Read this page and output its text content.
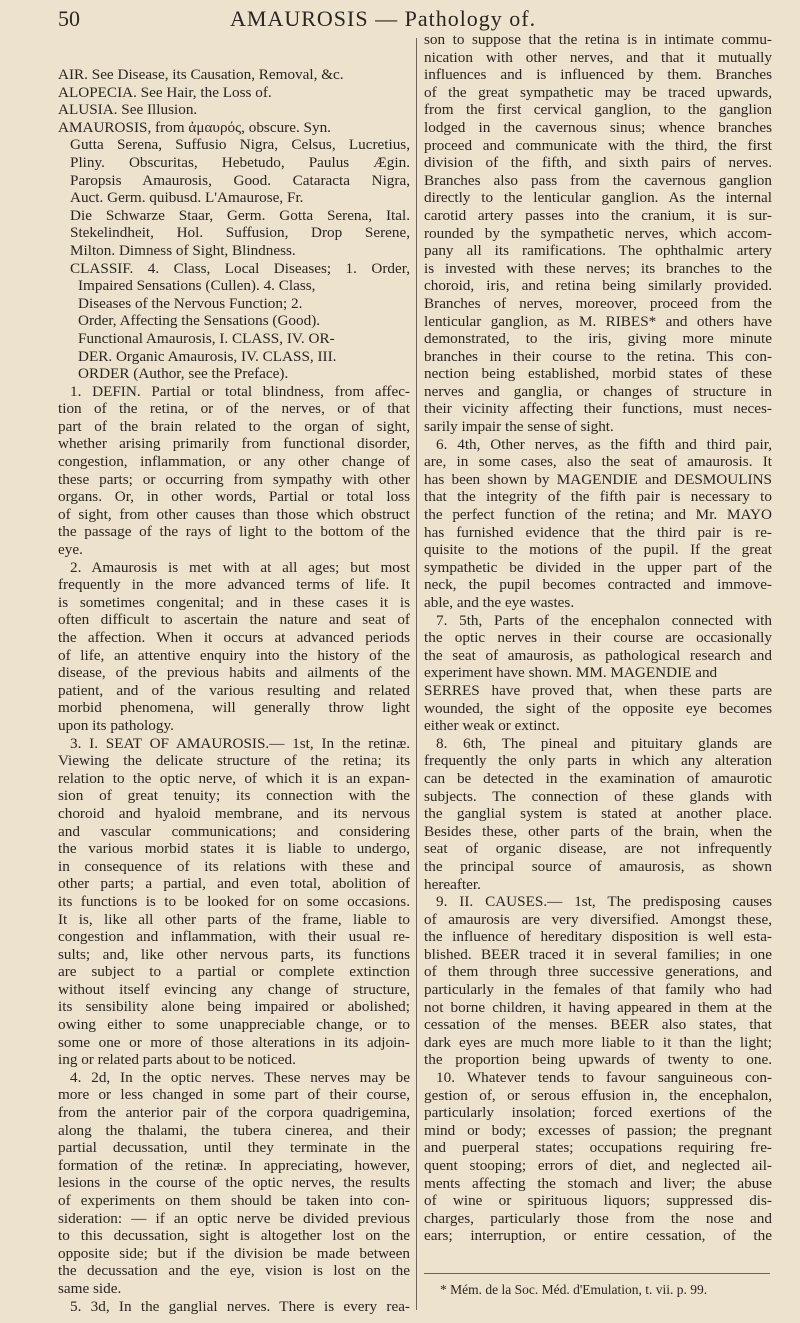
50	AMAUROSIS — Pathology of.
AIR. See Disease, its Causation, Removal, &c.
ALOPECIA. See Hair, the Loss of.
ALUSIA. See Illusion.
AMAUROSIS, from ἀμαυρός, obscure. Syn.
Gutta Serena, Suffusio Nigra, Celsus, Lucretius,
Pliny. Obscuritas, Hebetudo, Paulus Ægin.
Paropsis Amaurosis, Good. Cataracta Nigra,
Auct. Germ. quibusd. L'Amaurose, Fr.
Die Schwarze Staar, Germ. Gotta Serena, Ital.
Stekelindheit, Hol. Suffusion, Drop Serene,
Milton. Dimness of Sight, Blindness.
CLASSIF. 4. Class, Local Diseases; 1. Order,
Impaired Sensations (Cullen). 4. Class,
Diseases of the Nervous Function; 2.
Order, Affecting the Sensations (Good).
Functional Amaurosis, I. CLASS, IV. OR-
DER. Organic Amaurosis, IV. CLASS, III.
ORDER (Author, see the Preface).
1. DEFIN. Partial or total blindness, from affec-
tion of the retina, or of the nerves, or of that
part of the brain related to the organ of sight,
whether arising primarily from functional disorder,
congestion, inflammation, or any other change of
these parts; or occurring from sympathy with other
organs. Or, in other words, Partial or total loss
of sight, from other causes than those which obstruct
the passage of the rays of light to the bottom of the
eye.
2. Amaurosis is met with at all ages; but most
frequently in the more advanced terms of life. It
is sometimes congenital; and in these cases it is
often difficult to ascertain the nature and seat of
the affection. When it occurs at advanced periods
of life, an attentive enquiry into the history of the
disease, of the previous habits and ailments of the
patient, and of the various resulting and related
morbid phenomena, will generally throw light
upon its pathology.
3. I. SEAT OF AMAUROSIS.— 1st, In the retinæ.
Viewing the delicate structure of the retina; its
relation to the optic nerve, of which it is an expan-
sion of great tenuity; its connection with the
choroid and hyaloid membrane, and its nervous
and vascular communications; and considering
the various morbid states it is liable to undergo,
in consequence of its relations with these and
other parts; a partial, and even total, abolition of
its functions is to be looked for on some occasions.
It is, like all other parts of the frame, liable to
congestion and inflammation, with their usual re-
sults; and, like other nervous parts, its functions
are subject to a partial or complete extinction
without itself evincing any change of structure,
its sensibility alone being impaired or abolished;
owing either to some unappreciable change, or to
some one or more of those alterations in its adjoin-
ing or related parts about to be noticed.
4. 2d, In the optic nerves. These nerves may be
more or less changed in some part of their course,
from the anterior pair of the corpora quadrigemina,
along the thalami, the tubera cinerea, and their
partial decussation, until they terminate in the
formation of the retinæ. In appreciating, however,
lesions in the course of the optic nerves, the results
of experiments on them should be taken into con-
sideration: — if an optic nerve be divided previous
to this decussation, sight is altogether lost on the
opposite side; but if the division be made between
the decussation and the eye, vision is lost on the
same side.
5. 3d, In the ganglial nerves. There is every rea-
son to suppose that the retina is in intimate commu-
nication with other nerves, and that it mutually
influences and is influenced by them. Branches
of the great sympathetic may be traced upwards,
from the first cervical ganglion, to the ganglion
lodged in the cavernous sinus; whence branches
proceed and communicate with the third, the first
division of the fifth, and sixth pairs of nerves.
Branches also pass from the cavernous ganglion
directly to the lenticular ganglion. As the internal
carotid artery passes into the cranium, it is sur-
rounded by the sympathetic nerves, which accom-
pany all its ramifications. The ophthalmic artery
is invested with these nerves; its branches to the
choroid, iris, and retina being similarly provided.
Branches of nerves, moreover, proceed from the
lenticular ganglion, as M. RIBES* and others have
demonstrated, to the iris, giving more minute
branches in their course to the retina. This con-
nection being established, morbid states of these
nerves and ganglia, or changes of structure in
their vicinity affecting their functions, must neces-
sarily impair the sense of sight.
6. 4th, Other nerves, as the fifth and third pair,
are, in some cases, also the seat of amaurosis. It
has been shown by MAGENDIE and DESMOULINS
that the integrity of the fifth pair is necessary to
the perfect function of the retina; and Mr. MAYO
has furnished evidence that the third pair is re-
quisite to the motions of the pupil. If the great
sympathetic be divided in the upper part of the
neck, the pupil becomes contracted and immove-
able, and the eye wastes.
7. 5th, Parts of the encephalon connected with
the optic nerves in their course are occasionally
the seat of amaurosis, as pathological research and
experiment have shown. MM. MAGENDIE and
SERRES have proved that, when these parts are
wounded, the sight of the opposite eye becomes
either weak or extinct.
8. 6th, The pineal and pituitary glands are
frequently the only parts in which any alteration
can be detected in the examination of amaurotic
subjects. The connection of these glands with
the ganglial system is stated at another place.
Besides these, other parts of the brain, when the
seat of organic disease, are not infrequently
the principal source of amaurosis, as shown
hereafter.
9. II. CAUSES.— 1st, The predisposing causes
of amaurosis are very diversified. Amongst these,
the influence of hereditary disposition is well esta-
blished. BEER traced it in several families; in one
of them through three successive generations, and
particularly in the females of that family who had
not borne children, it having appeared in them at the
cessation of the menses. BEER also states, that
dark eyes are much more liable to it than the light;
the proportion being upwards of twenty to one.
10. Whatever tends to favour sanguineous con-
gestion of, or serous effusion in, the encephalon,
particularly insolation; forced exertions of the
mind or body; excesses of passion; the pregnant
and puerperal states; occupations requiring fre-
quent stooping; errors of diet, and neglected ail-
ments affecting the stomach and liver; the abuse
of wine or spirituous liquors; suppressed dis-
charges, particularly those from the nose and
ears; interruption, or entire cessation, of the
* Mém. de la Soc. Méd. d'Emulation, t. vii. p. 99.
